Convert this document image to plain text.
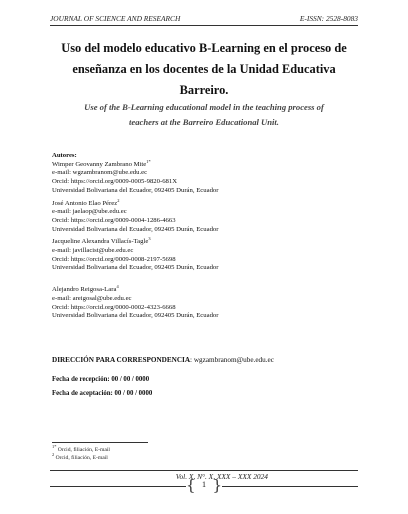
JOURNAL OF SCIENCE AND RESEARCH	E-ISSN: 2528-8083
Uso del modelo educativo B-Learning en el proceso de
enseñanza en los docentes de la Unidad Educativa
Barreiro.
Use of the B-Learning educational model in the teaching process of
teachers at the Barreiro Educational Unit.
Autores:
Wimper Geovanny Zambrano Mite$^{1*}$
e-mail: wgzambranom@ube.edu.ec
Orcid: https://orcid.org/0009-0005-9820-681X
Universidad Bolivariana del Ecuador, 092405 Durán, Ecuador
José Antonio Elao Pérez$^2$
e-mail: jaelaop@ube.edu.ec
Orcid: https://orcid.org/0009-0004-1286-4663
Universidad Bolivariana del Ecuador, 092405 Durán, Ecuador
Jacqueline Alexandra Villacís-Tagle$^3$
e-mail: javillacist@ube.edu.ec
Orcid: https://orcid.org/0009-0008-2197-5698
Universidad Bolivariana del Ecuador, 092405 Durán, Ecuador
Alejandro Reigosa-Lara$^4$
e-mail: areigosal@ube.edu.ec
Orcid: https://orcid.org/0000-0002-4323-6668
Universidad Bolivariana del Ecuador, 092405 Durán, Ecuador
DIRECCIÓN PARA CORRESPONDENCIA: wgzambranom@ube.edu.ec
Fecha de recepción: 00 / 00 / 0000
Fecha de aceptación: 00 / 00 / 0000
$^{1*}$ Orcid, filiación, E-mail
$^2$ Orcid, filiación, E-mail
Vol. X, N°. X, XXX – XXX 2024
{ 1 }
